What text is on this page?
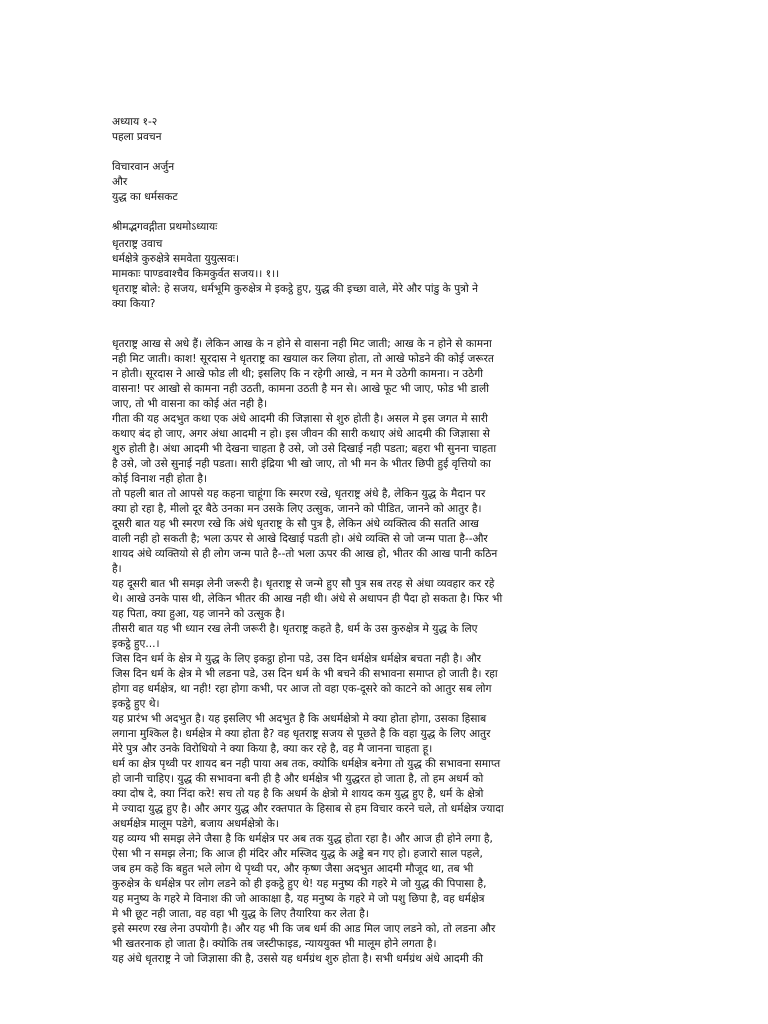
अध्याय १-२
पहला प्रवचन
विचारवान अर्जुन
और
युद्ध का धर्मसकट
श्रीमद्भगवद्गीता प्रथमोऽध्यायः
धृतराष्ट्र उवाच
धर्मक्षेत्रे कुरुक्षेत्रे समवेता युयुत्सवः।
मामकाः पाण्डवाश्चैव किमकुर्वत सजय।। १।।
धृतराष्ट्र बोले: हे सजय, धर्मभूमि कुरुक्षेत्र मे इकट्ठे हुए, युद्ध की इच्छा वाले, मेरे और पांडु के पुत्रो ने
क्या किया?
धृतराष्ट्र आख से अधे हैं। लेकिन आख के न होने से वासना नही मिट जाती; आख के न होने से कामना
नही मिट जाती। काश! सूरदास ने धृतराष्ट्र का खयाल कर लिया होता, तो आखे फोडने की कोई जरूरत
न होती। सूरदास ने आखे फोड ली थी; इसलिए कि न रहेगी आखे, न मन मे उठेगी कामना। न उठेगी
वासना! पर आखो से कामना नही उठती, कामना उठती है मन से। आखे फूट भी जाए, फोड भी डाली
जाए, तो भी वासना का कोई अंत नही है।
गीता की यह अदभुत कथा एक अंधे आदमी की जिज्ञासा से शुरु होती है। असल मे इस जगत मे सारी
कथाए बंद हो जाए, अगर अंधा आदमी न हो। इस जीवन की सारी कथाए अंधे आदमी की जिज्ञासा से
शुरु होती है। अंधा आदमी भी देखना चाहता है उसे, जो उसे दिखाई नही पडता; बहरा भी सुनना चाहता
है उसे, जो उसे सुनाई नही पडता। सारी इंद्रिया भी खो जाए, तो भी मन के भीतर छिपी हुई वृत्तियो का
कोई विनाश नही होता है।
तो पहली बात तो आपसे यह कहना चाहूंगा कि स्मरण रखे, धृतराष्ट्र अंधे है, लेकिन युद्ध के मैदान पर
क्या हो रहा है, मीलो दूर बैठे उनका मन उसके लिए उत्सुक, जानने को पीडित, जानने को आतुर है।
दूसरी बात यह भी स्मरण रखे कि अंधे धृतराष्ट्र के सौ पुत्र है, लेकिन अंधे व्यक्तित्व की सतति आख
वाली नही हो सकती है; भला ऊपर से आखे दिखाई पडती हो। अंधे व्यक्ति से जो जन्म पाता है--और
शायद अंधे व्यक्तियो से ही लोग जन्म पाते है--तो भला ऊपर की आख हो, भीतर की आख पानी कठिन
है।
यह दूसरी बात भी समझ लेनी जरूरी है। धृतराष्ट्र से जन्मे हुए सौ पुत्र सब तरह से अंधा व्यवहार कर रहे
थे। आखे उनके पास थी, लेकिन भीतर की आख नही थी। अंधे से अधापन ही पैदा हो सकता है। फिर भी
यह पिता, क्या हुआ, यह जानने को उत्सुक है।
तीसरी बात यह भी ध्यान रख लेनी जरूरी है। धृतराष्ट्र कहते है, धर्म के उस कुरुक्षेत्र मे युद्ध के लिए
इकट्ठे हुए...।
जिस दिन धर्म के क्षेत्र मे युद्ध के लिए इकट्ठा होना पडे, उस दिन धर्मक्षेत्र धर्मक्षेत्र बचता नही है। और
जिस दिन धर्म के क्षेत्र मे भी लडना पडे, उस दिन धर्म के भी बचने की सभावना समाप्त हो जाती है। रहा
होगा वह धर्मक्षेत्र, था नही! रहा होगा कभी, पर आज तो वहा एक-दूसरे को काटने को आतुर सब लोग
इकट्ठे हुए थे।
यह प्रारंभ भी अदभुत है। यह इसलिए भी अदभुत है कि अधर्मक्षेत्रो मे क्या होता होगा, उसका हिसाब
लगाना मुश्किल है। धर्मक्षेत्र मे क्या होता है? वह धृतराष्ट्र सजय से पूछते है कि वहा युद्ध के लिए आतुर
मेरे पुत्र और उनके विरोधियो ने क्या किया है, क्या कर रहे है, वह मै जानना चाहता हू।
धर्म का क्षेत्र पृथ्वी पर शायद बन नही पाया अब तक, क्योकि धर्मक्षेत्र बनेगा तो युद्ध की सभावना समाप्त
हो जानी चाहिए। युद्ध की सभावना बनी ही है और धर्मक्षेत्र भी युद्धरत हो जाता है, तो हम अधर्म को
क्या दोष दे, क्या निंदा करे! सच तो यह है कि अधर्म के क्षेत्रो मे शायद कम युद्ध हुए है, धर्म के क्षेत्रो
मे ज्यादा युद्ध हुए है। और अगर युद्ध और रक्तपात के हिसाब से हम विचार करने चले, तो धर्मक्षेत्र ज्यादा
अधर्मक्षेत्र मालूम पडेगे, बजाय अधर्मक्षेत्रो के।
यह व्यग्य भी समझ लेने जैसा है कि धर्मक्षेत्र पर अब तक युद्ध होता रहा है। और आज ही होने लगा है,
ऐसा भी न समझ लेना; कि आज ही मंदिर और मस्जिद युद्ध के अड्डे बन गए हो। हजारो साल पहले,
जब हम कहे कि बहुत भले लोग थे पृथ्वी पर, और कृष्ण जैसा अदभुत आदमी मौजूद था, तब भी
कुरुक्षेत्र के धर्मक्षेत्र पर लोग लडने को ही इकट्ठे हुए थे! यह मनुष्य की गहरे मे जो युद्ध की पिपासा है,
यह मनुष्य के गहरे मे विनाश की जो आकाक्षा है, यह मनुष्य के गहरे मे जो पशु छिपा है, वह धर्मक्षेत्र
मे भी छूट नही जाता, वह वहा भी युद्ध के लिए तैयारिया कर लेता है।
इसे स्मरण रख लेना उपयोगी है। और यह भी कि जब धर्म की आड मिल जाए लडने को, तो लडना और
भी खतरनाक हो जाता है। क्योकि तब जस्टीफाइड, न्याययुक्त भी मालूम होने लगता है।
यह अंधे धृतराष्ट्र ने जो जिज्ञासा की है, उससे यह धर्मग्रंथ शुरु होता है। सभी धर्मग्रंथ अंधे आदमी की
